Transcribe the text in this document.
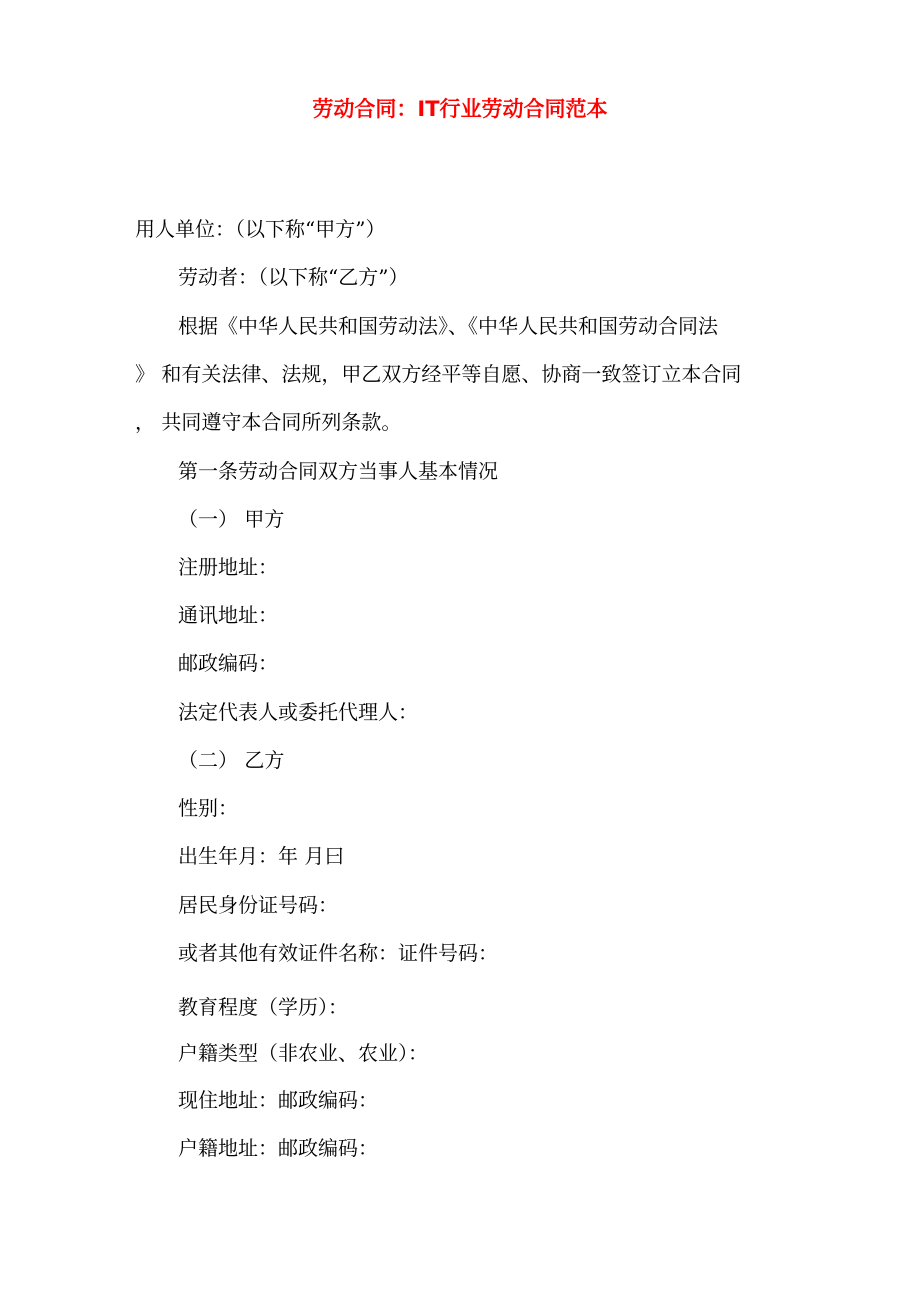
劳动合同：IT行业劳动合同范本
用人单位：（以下称“甲方”）
劳动者：（以下称“乙方”）
根据《中华人民共和国劳动法》、《中华人民共和国劳动合同法
》 和有关法律、法规，甲乙双方经平等自愿、协商一致签订立本合同
， 共同遵守本合同所列条款。
第一条劳动合同双方当事人基本情况
（一） 甲方
注册地址：
通讯地址：
邮政编码：
法定代表人或委托代理人：
（二） 乙方
性别：
出生年月：年 月曰
居民身份证号码：
或者其他有效证件名称：证件号码：
教育程度（学历）：
户籍类型（非农业、农业）：
现住地址：邮政编码：
户籍地址：邮政编码：
